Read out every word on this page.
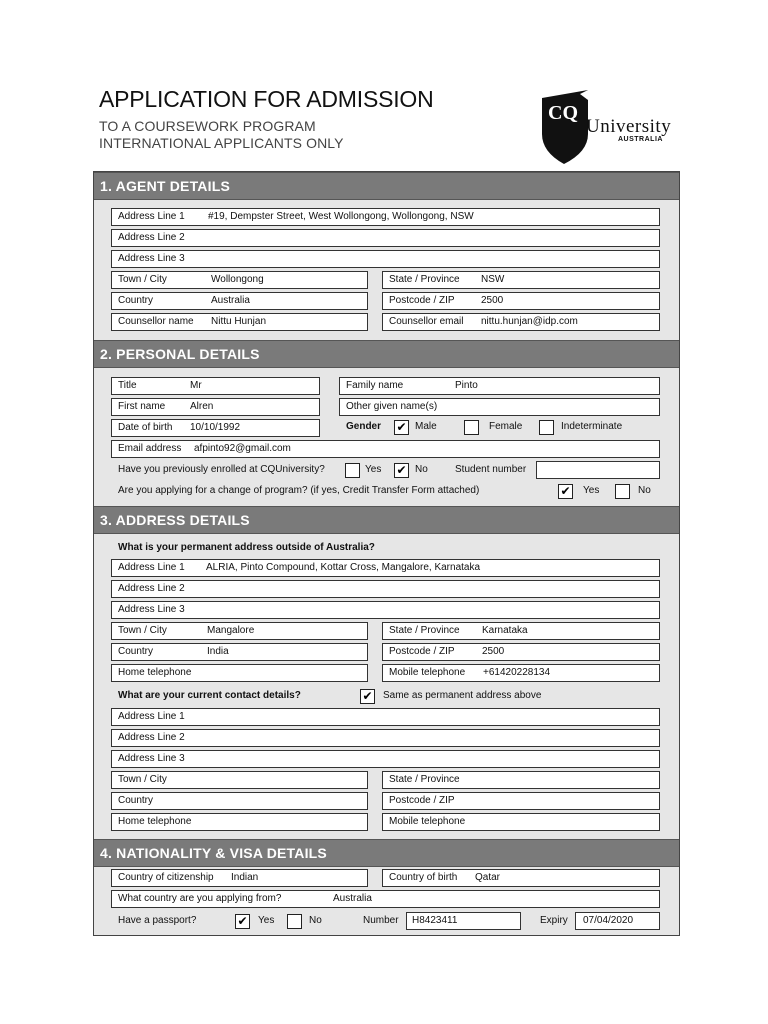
APPLICATION FOR ADMISSION
TO A COURSEWORK PROGRAM
INTERNATIONAL APPLICANTS ONLY
CQ
University
AUSTRALIA
1. AGENT DETAILS
Address Line 1 #19, Dempster Street, West Wollongong, Wollongong, NSW
Address Line 2
Address Line 3
Town / City	Wollongong	State / Province NSW
Country	Australia	Postcode / ZIP	2500
Counsellor name Nittu Hunjan	Counsellor email nittu.hunjan@idp.com
2. PERSONAL DETAILS
Title	Mr	Family name	Pinto
First name Alren	Other given name(s)
Date of birth 10/10/1992	Gender ✔ Male	Female	Indeterminate
Email address afpinto92@gmail.com
Have you previously enrolled at CQUniversity?	Yes ✔ No	Student number
Are you applying for a change of program? (if yes, Credit Transfer Form attached)	✔ Yes	No
3. ADDRESS DETAILS
What is your permanent address outside of Australia?
Address Line 1 ALRIA, Pinto Compound, Kottar Cross, Mangalore, Karnataka
Address Line 2
Address Line 3
Town / City	Mangalore	State / Province Karnataka
Country	India	Postcode / ZIP	2500
Home telephone	Mobile telephone +61420228134
What are your current contact details?	✔ Same as permanent address above
Address Line 1
Address Line 2
Address Line 3
Town / City	State / Province
Country	Postcode / ZIP
Home telephone	Mobile telephone
4. NATIONALITY & VISA DETAILS
Country of citizenship Indian	Country of birth Qatar
What country are you applying from?	Australia
Have a passport?	✔ Yes	No	Number H8423411	Expiry 07/04/2020
